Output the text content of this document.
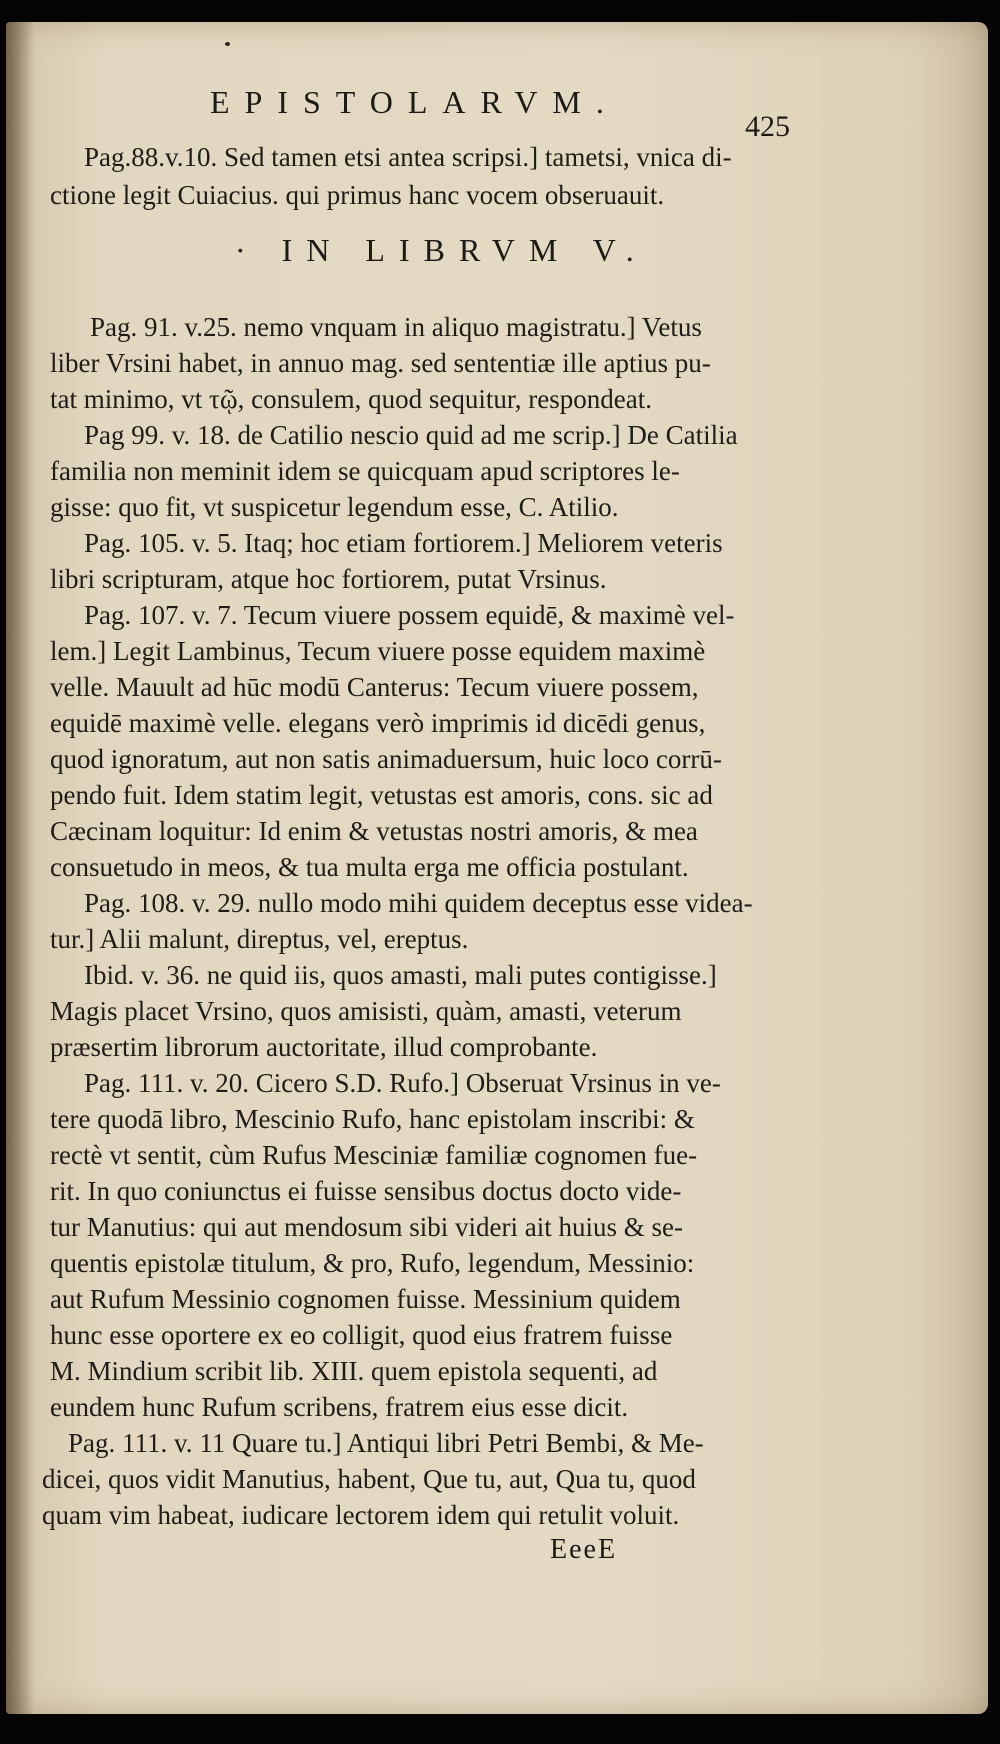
EPISTOLARVM.
425
Pag.88.v.10. Sed tamen etsi antea scripsi.] tametsi, vnica di-
ctione legit Cuiacius. qui primus hanc vocem obseruauit.
· IN LIBRVM V.
Pag. 91. v.25. nemo vnquam in aliquo magistratu.] Vetus
liber Vrsini habet, in annuo mag. sed sententiæ ille aptius pu-
tat minimo, vt τῷ, consulem, quod sequitur, respondeat.
Pag 99. v. 18. de Catilio nescio quid ad me scrip.] De Catilia
familia non meminit idem se quicquam apud scriptores le-
gisse: quo fit, vt suspicetur legendum esse, C. Atilio.
Pag. 105. v. 5. Itaq; hoc etiam fortiorem.] Meliorem veteris
libri scripturam, atque hoc fortiorem, putat Vrsinus.
Pag. 107. v. 7. Tecum viuere possem equidē, & maximè vel-
lem.] Legit Lambinus, Tecum viuere posse equidem maximè
velle. Mauult ad hūc modū Canterus: Tecum viuere possem,
equidē maximè velle. elegans verò imprimis id dicēdi genus,
quod ignoratum, aut non satis animaduersum, huic loco corrū-
pendo fuit. Idem statim legit, vetustas est amoris, cons. sic ad
Cæcinam loquitur: Id enim & vetustas nostri amoris, & mea
consuetudo in meos, & tua multa erga me officia postulant.
Pag. 108. v. 29. nullo modo mihi quidem deceptus esse videa-
tur.] Alii malunt, direptus, vel, ereptus.
Ibid. v. 36. ne quid iis, quos amasti, mali putes contigisse.]
Magis placet Vrsino, quos amisisti, quàm, amasti, veterum
præsertim librorum auctoritate, illud comprobante.
Pag. 111. v. 20. Cicero S.D. Rufo.] Obseruat Vrsinus in ve-
tere quodā libro, Mescinio Rufo, hanc epistolam inscribi: &
rectè vt sentit, cùm Rufus Mesciniæ familiæ cognomen fue-
rit. In quo coniunctus ei fuisse sensibus doctus docto vide-
tur Manutius: qui aut mendosum sibi videri ait huius & se-
quentis epistolæ titulum, & pro, Rufo, legendum, Messinio:
aut Rufum Messinio cognomen fuisse. Messinium quidem
hunc esse oportere ex eo colligit, quod eius fratrem fuisse
M. Mindium scribit lib. XIII. quem epistola sequenti, ad
eundem hunc Rufum scribens, fratrem eius esse dicit.
Pag. 111. v. 11 Quare tu.] Antiqui libri Petri Bembi, & Me-
dicei, quos vidit Manutius, habent, Que tu, aut, Qua tu, quod
quam vim habeat, iudicare lectorem idem qui retulit voluit.
EeeE
